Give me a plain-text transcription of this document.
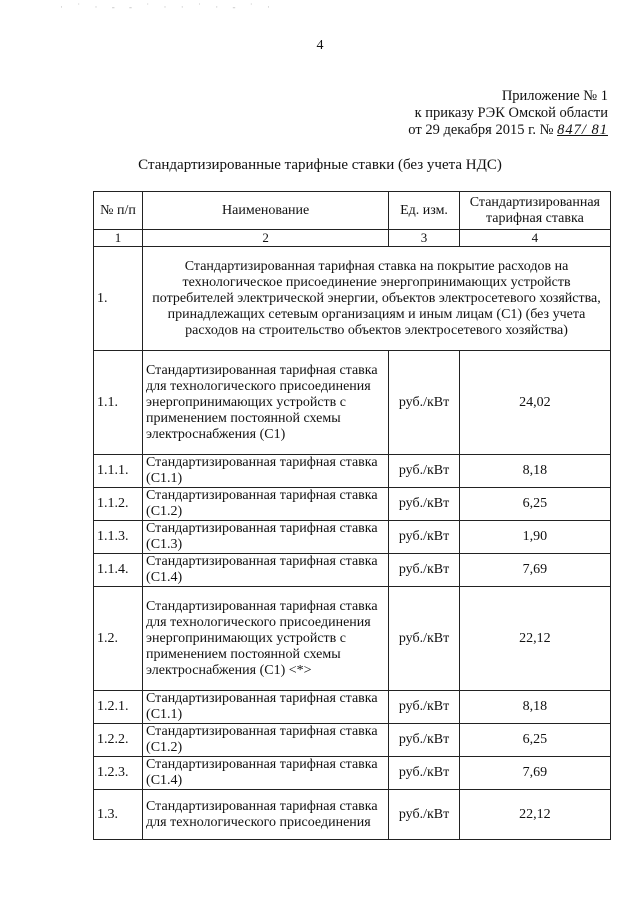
· ˙ · ‐ ‐ ˙ · · ˙ · ‐ ˙ ·
4
Приложение № 1
к приказу РЭК Омской области
от 29 декабря 2015 г. № 847/ 81
Стандартизированные тарифные ставки (без учета НДС)
№ п/п	Наименование	Ед. изм.	Стандартизированная тарифная ставка
1	2	3	4
1.	Стандартизированная тарифная ставка на покрытие расходов на технологическое присоединение энергопринимающих устройств потребителей электрической энергии, объектов электросетевого хозяйства, принадлежащих сетевым организациям и иным лицам (С1) (без учета расходов на строительство объектов электросетевого хозяйства)		
1.1.	Стандартизированная тарифная ставка для технологического присоединения энергопринимающих устройств с применением постоянной схемы электроснабжения (С1)	руб./кВт	24,02
1.1.1.	Стандартизированная тарифная ставка (С1.1)	руб./кВт	8,18
1.1.2.	Стандартизированная тарифная ставка (С1.2)	руб./кВт	6,25
1.1.3.	Стандартизированная тарифная ставка (С1.3)	руб./кВт	1,90
1.1.4.	Стандартизированная тарифная ставка (С1.4)	руб./кВт	7,69
1.2.	Стандартизированная тарифная ставка для технологического присоединения энергопринимающих устройств с применением постоянной схемы электроснабжения (С1) <*>	руб./кВт	22,12
1.2.1.	Стандартизированная тарифная ставка (С1.1)	руб./кВт	8,18
1.2.2.	Стандартизированная тарифная ставка (С1.2)	руб./кВт	6,25
1.2.3.	Стандартизированная тарифная ставка (С1.4)	руб./кВт	7,69
1.3.	Стандартизированная тарифная ставка для технологического присоединения	руб./кВт	22,12
